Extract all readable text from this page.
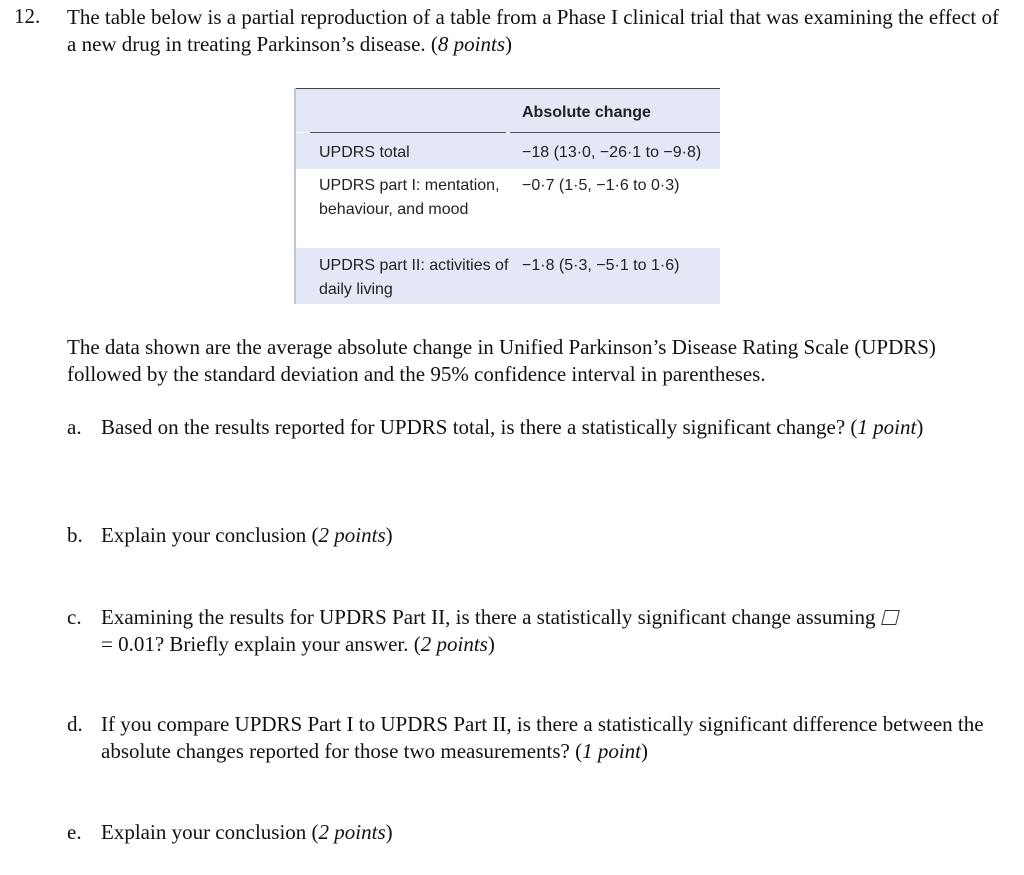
12. The table below is a partial reproduction of a table from a Phase I clinical trial that was examining the effect of a new drug in treating Parkinson’s disease. (8 points)
Absolute change
UPDRS total	−18 (13·0, −26·1 to −9·8)
UPDRS part I: mentation, behaviour, and mood
−0·7 (1·5, −1·6 to 0·3)
UPDRS part II: activities of daily living
−1·8 (5·3, −5·1 to 1·6)
The data shown are the average absolute change in Unified Parkinson’s Disease Rating Scale (UPDRS) followed by the standard deviation and the 95% confidence interval in parentheses.
a. Based on the results reported for UPDRS total, is there a statistically significant change? (1 point)
b. Explain your conclusion (2 points)
c. Examining the results for UPDRS Part II, is there a statistically significant change assuming
= 0.01? Briefly explain your answer. (2 points)
d. If you compare UPDRS Part I to UPDRS Part II, is there a statistically significant difference between the absolute changes reported for those two measurements? (1 point)
e. Explain your conclusion (2 points)
